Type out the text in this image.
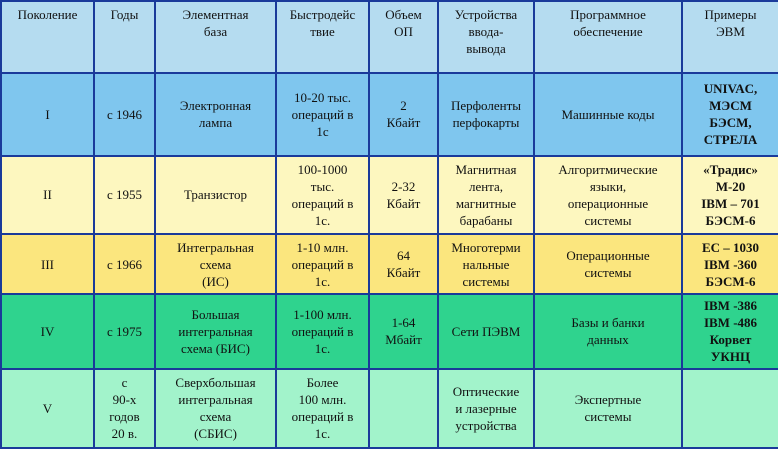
Поколение	Годы	Элементная
база	Быстродейс
твие	Объем
ОП	Устройства
ввода-
вывода	Программное
обеспечение	Примеры
ЭВМ
I	с 1946	Электронная
лампа	10-20 тыс.
операций в
1с	2
Кбайт	Перфоленты
перфокарты	Машинные коды	UNIVAC,
МЭСМ
БЭСМ,
СТРЕЛА
II	с 1955	Транзистор	100-1000
тыс.
операций в
1с.	2-32
Кбайт	Магнитная
лента,
магнитные
барабаны	Алгоритмические
языки,
операционные
системы	«Традис»
М-20
IBM – 701
БЭСМ-6
III	с 1966	Интегральная
схема
(ИС)	1-10 млн.
операций в
1с.	64
Кбайт	Многотерми
нальные
системы	Операционные
системы	ЕС – 1030
IBM -360
БЭСМ-6
IV	с 1975	Большая
интегральная
схема (БИС)	1-100 млн.
операций в
1с.	1-64
Мбайт	Сети ПЭВМ	Базы и банки
данных	IBM -386
IBM -486
Корвет
УКНЦ
V	с
90-х
годов
20 в.	Сверхбольшая
интегральная
схема
(СБИС)	Более
100 млн.
операций в
1с.		Оптические
и лазерные
устройства	Экспертные
системы	
